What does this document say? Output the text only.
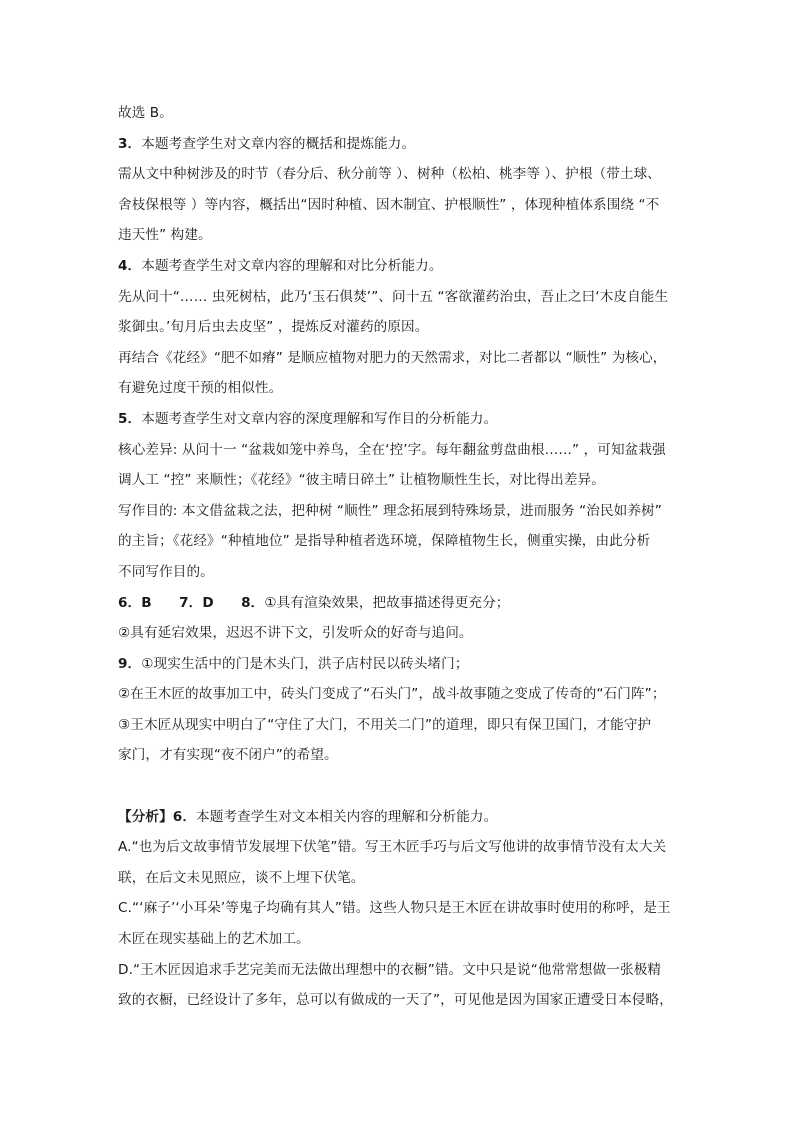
故选 B。
3．本题考查学生对文章内容的概括和提炼能力。
需从文中种树涉及的时节（春分后、秋分前等 ）、树种（松柏、桃李等 ）、护根（带土球、
舍枝保根等 ）等内容，概括出“因时种植、因木制宜、护根顺性” ，体现种植体系围绕 “不
违天性” 构建。
4．本题考查学生对文章内容的理解和对比分析能力。
先从问十“…… 虫死树枯，此乃‘玉石俱焚’”、问十五 “客欲灌药治虫，吾止之曰‘木皮自能生
浆御虫。’旬月后虫去皮坚” ，提炼反对灌药的原因。
再结合《花经》“肥不如瘠” 是顺应植物对肥力的天然需求，对比二者都以 “顺性” 为核心，
有避免过度干预的相似性。
5．本题考查学生对文章内容的深度理解和写作目的分析能力。
核心差异: 从问十一 “盆栽如笼中养鸟，全在‘控’字。每年翻盆剪盘曲根……” ，可知盆栽强
调人工 “控” 来顺性；《花经》“彼主晴日碎土” 让植物顺性生长，对比得出差异。
写作目的: 本文借盆栽之法，把种树 “顺性” 理念拓展到特殊场景，进而服务 “治民如养树”
的主旨；《花经》“种植地位” 是指导种植者选环境，保障植物生长，侧重实操，由此分析
不同写作目的。
6．B　　7．D　　8．①具有渲染效果，把故事描述得更充分；
②具有延宕效果，迟迟不讲下文，引发听众的好奇与追问。
9．①现实生活中的门是木头门，洪子店村民以砖头堵门；
②在王木匠的故事加工中，砖头门变成了“石头门”，战斗故事随之变成了传奇的“石门阵”；
③王木匠从现实中明白了“守住了大门，不用关二门”的道理，即只有保卫国门，才能守护
家门，才有实现“夜不闭户”的希望。
【分析】6．本题考查学生对文本相关内容的理解和分析能力。
A.“也为后文故事情节发展埋下伏笔”错。写王木匠手巧与后文写他讲的故事情节没有太大关
联，在后文未见照应，谈不上埋下伏笔。
C.“‘麻子’‘小耳朵’等鬼子均确有其人”错。这些人物只是王木匠在讲故事时使用的称呼，是王
木匠在现实基础上的艺术加工。
D.“王木匠因追求手艺完美而无法做出理想中的衣橱”错。文中只是说“他常常想做一张极精
致的衣橱，已经设计了多年，总可以有做成的一天了”，可见他是因为国家正遭受日本侵略，
